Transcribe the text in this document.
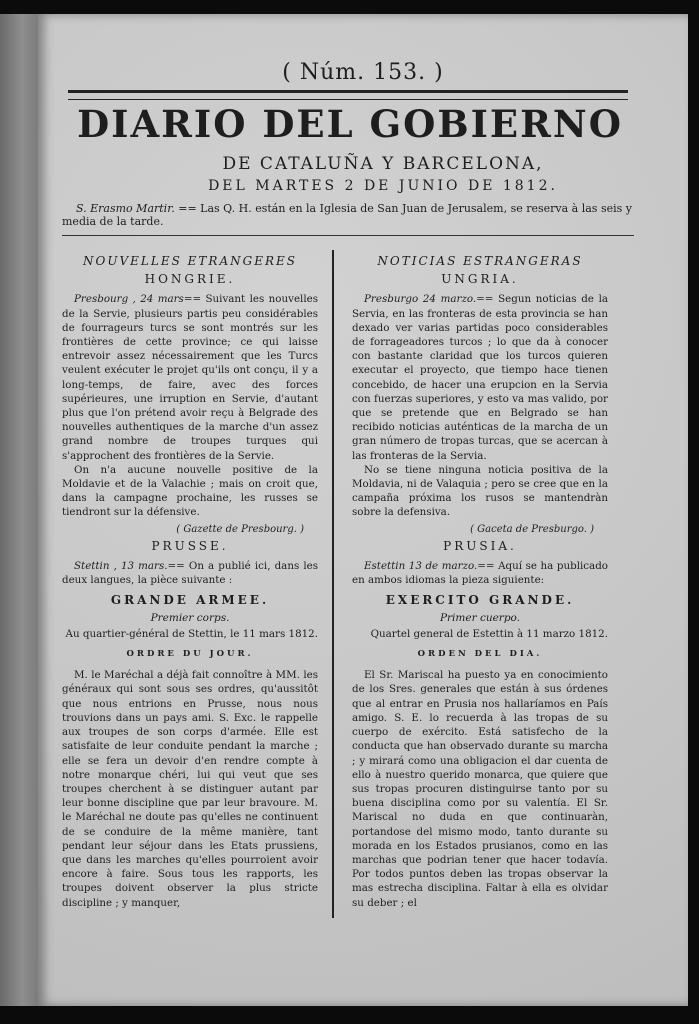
( Núm. 153. )
DIARIO DEL GOBIERNO
DE CATALUÑA Y BARCELONA,
DEL MARTES 2 DE JUNIO DE 1812.
S. Erasmo Martir. == Las Q. H. están en la Iglesia de San Juan de Jerusalem, se reserva à las seis y media de la tarde.

NOUVELLES ETRANGERES

HONGRIE.

Presbourg , 24 mars== Suivant les nouvelles de la Servie, plusieurs partis peu considérables de fourrageurs turcs se sont montrés sur les frontières de cette province; ce qui laisse entrevoir assez nécessairement que les Turcs veulent exécuter le projet qu'ils ont conçu, il y a long-temps, de faire, avec des forces supérieures, une irruption en Servie, d'autant plus que l'on prétend avoir reçu à Belgrade des nouvelles authentiques de la marche d'un assez grand nombre de troupes turques qui s'approchent des frontières de la Servie.

On n'a aucune nouvelle positive de la Moldavie et de la Valachie ; mais on croit que, dans la campagne prochaine, les russes se tiendront sur la défensive.

( Gazette de Presbourg. )

PRUSSE.

Stettin , 13 mars.== On a publié ici, dans les deux langues, la pièce suivante :

GRANDE ARMEE.

Premier corps.

Au quartier-général de Stettin, le 11 mars 1812.

ORDRE DU JOUR.

M. le Maréchal a déjà fait connoître à MM. les généraux qui sont sous ses ordres, qu'aussitôt que nous entrions en Prusse, nous nous trouvions dans un pays ami. S. Exc. le rappelle aux troupes de son corps d'armée. Elle est satisfaite de leur conduite pendant la marche ; elle se fera un devoir d'en rendre compte à notre monarque chéri, lui qui veut que ses troupes cherchent à se distinguer autant par leur bonne discipline que par leur bravoure. M. le Maréchal ne doute pas qu'elles ne continuent de se conduire de la même manière, tant pendant leur séjour dans les Etats prussiens, que dans les marches qu'elles pourroient avoir encore à faire. Sous tous les rapports, les troupes doivent observer la plus stricte discipline ; y manquer,

NOTICIAS ESTRANGERAS

UNGRIA.

Presburgo 24 marzo.== Segun noticias de la Servia, en las fronteras de esta provincia se han dexado ver varias partidas poco considerables de forrageadores turcos ; lo que da à conocer con bastante claridad que los turcos quieren executar el proyecto, que tiempo hace tienen concebido, de hacer una erupcion en la Servia con fuerzas superiores, y esto va mas valido, por que se pretende que en Belgrado se han recibido noticias auténticas de la marcha de un gran número de tropas turcas, que se acercan à las fronteras de la Servia.

No se tiene ninguna noticia positiva de la Moldavia, ni de Valaquia ; pero se cree que en la campaña próxima los rusos se mantendràn sobre la defensiva.

( Gaceta de Presburgo. )

PRUSIA.

Estettin 13 de marzo.== Aquí se ha publicado en ambos idiomas la pieza siguiente:

EXERCITO GRANDE.

Primer cuerpo.

Quartel general de Estettin à 11 marzo 1812.

ORDEN DEL DIA.

El Sr. Mariscal ha puesto ya en conocimiento de los Sres. generales que están à sus órdenes que al entrar en Prusia nos hallaríamos en País amigo. S. E. lo recuerda à las tropas de su cuerpo de exército. Está satisfecho de la conducta que han observado durante su marcha ; y mirará como una obligacion el dar cuenta de ello à nuestro querido monarca, que quiere que sus tropas procuren distinguirse tanto por su buena disciplina como por su valentía. El Sr. Mariscal no duda en que continuaràn, portandose del mismo modo, tanto durante su morada en los Estados prusianos, como en las marchas que podrian tener que hacer todavía. Por todos puntos deben las tropas observar la mas estrecha disciplina. Faltar à ella es olvidar su deber ; el
